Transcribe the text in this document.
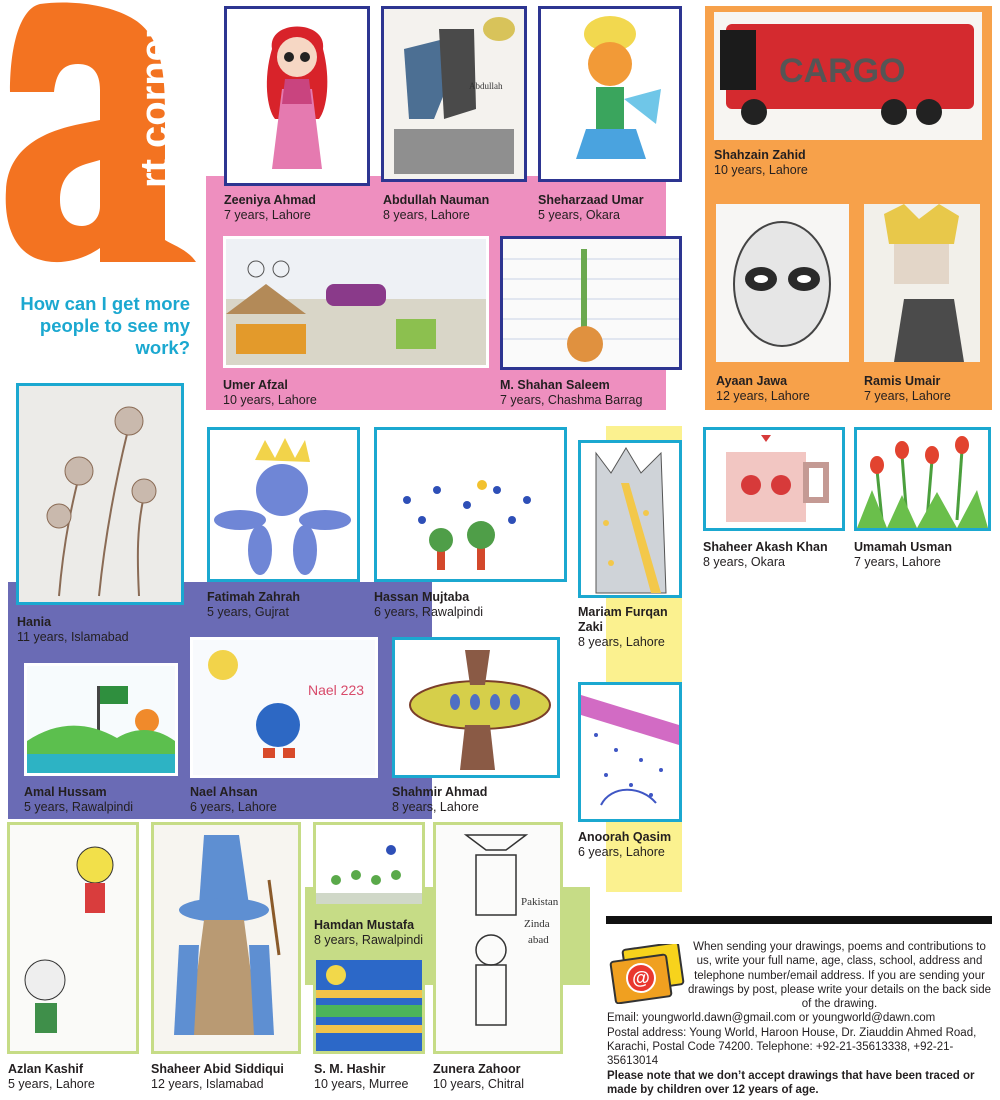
rt corner
How can I get more people to see my work?
Abdullah	CARGO
Nael 223
Pakistan
Zinda
abad
Zeeniya Ahmad
7 years, Lahore
Abdullah Nauman
8 years, Lahore
Sheharzaad Umar
5 years, Okara
Shahzain Zahid
10 years, Lahore
Umer Afzal
10 years, Lahore
M. Shahan Saleem
7 years, Chashma Barrag
Ayaan Jawa
12 years, Lahore
Ramis Umair
7 years, Lahore
Hania
11 years, Islamabad
Fatimah Zahrah
5 years, Gujrat
Hassan Mujtaba
6 years, Rawalpindi	Mariam Furqan Zaki
8 years, Lahore
Shaheer Akash Khan
8 years, Okara
Umamah Usman
7 years, Lahore
Amal Hussam
5 years, Rawalpindi
Nael Ahsan
6 years, Lahore
Shahmir Ahmad
8 years, Lahore
Anoorah Qasim
6 years, Lahore
Azlan Kashif
5 years, Lahore
Shaheer Abid Siddiqui
12 years, Islamabad
Hamdan Mustafa
8 years, Rawalpindi
S. M. Hashir
10 years, Murree
Zunera Zahoor
10 years, Chitral
@
When sending your drawings, poems and contributions to us, write your full name, age, class, school, address and telephone number/email address. If you are sending your drawings by post, please write your details on the back side of the drawing.
Email: youngworld.dawn@gmail.com or youngworld@dawn.com
Postal address: Young World, Haroon House, Dr. Ziauddin Ahmed Road, Karachi, Postal Code 74200. Telephone: +92-21-35613338, +92-21-35613014
Please note that we don’t accept drawings that have been traced or made by children over 12 years of age.
